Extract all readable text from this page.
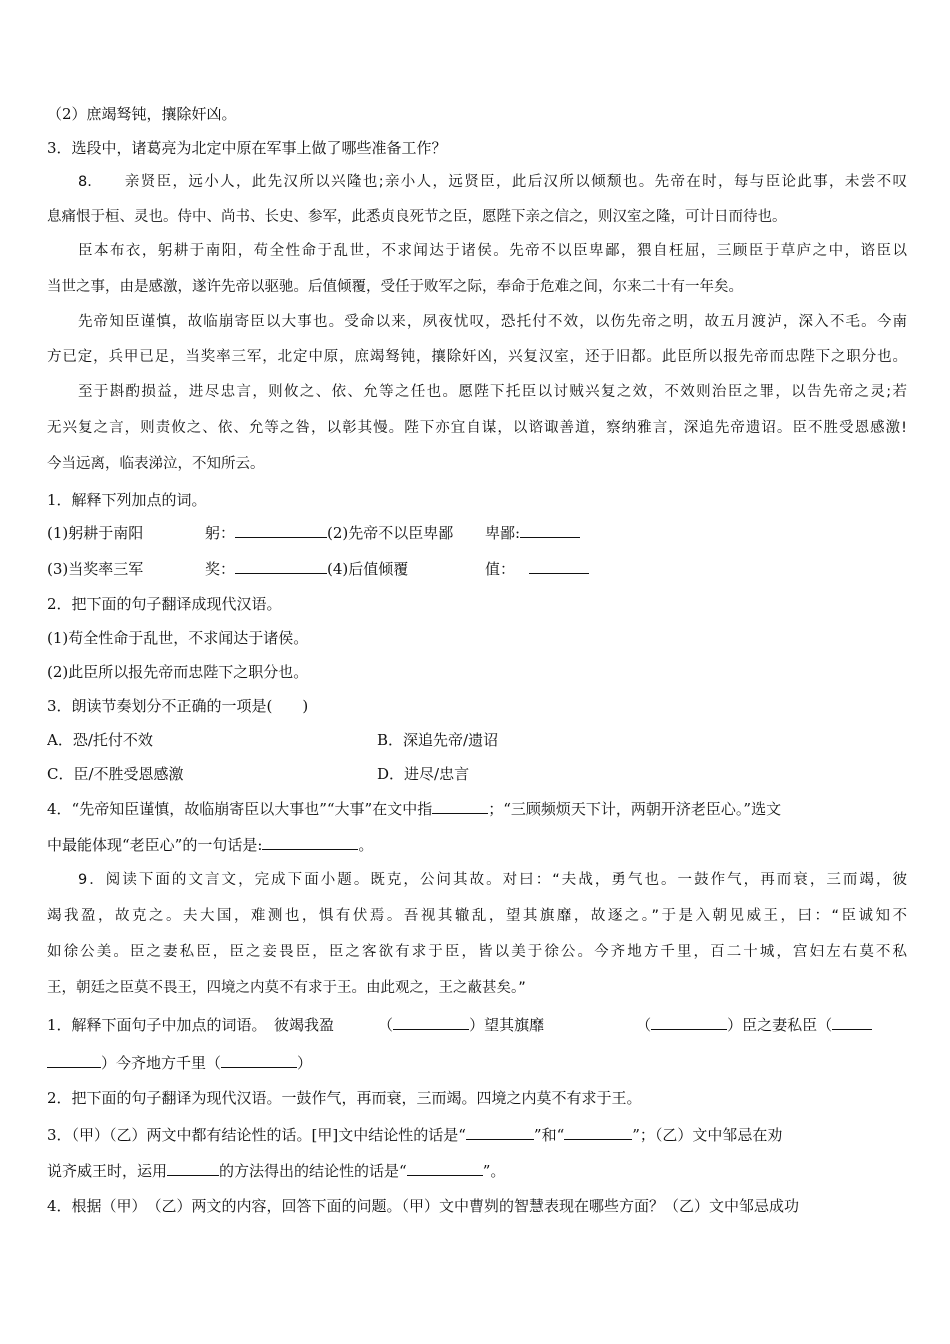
（2）庶竭驽钝，攘除奸凶。
3．选段中，诸葛亮为北定中原在军事上做了哪些准备工作？
8.　　亲贤臣，远小人，此先汉所以兴隆也;亲小人，远贤臣，此后汉所以倾颓也。先帝在时，每与臣论此事，未尝不叹
息痛恨于桓、灵也。侍中、尚书、长史、参军，此悉贞良死节之臣，愿陛下亲之信之，则汉室之隆，可计日而待也。
臣本布衣，躬耕于南阳，苟全性命于乱世，不求闻达于诸侯。先帝不以臣卑鄙，猥自枉屈，三顾臣于草庐之中，谘臣以
当世之事，由是感激，遂许先帝以驱驰。后值倾覆，受任于败军之际，奉命于危难之间，尔来二十有一年矣。
先帝知臣谨慎，故临崩寄臣以大事也。受命以来，夙夜忧叹，恐托付不效，以伤先帝之明，故五月渡泸，深入不毛。今南
方已定，兵甲已足，当奖率三军，北定中原，庶竭驽钝，攘除奸凶，兴复汉室，还于旧都。此臣所以报先帝而忠陛下之职分也。
至于斟酌损益，进尽忠言，则攸之、依、允等之任也。愿陛下托臣以讨贼兴复之效，不效则治臣之罪，以告先帝之灵;若
无兴复之言，则责攸之、依、允等之咎，以彰其慢。陛下亦宜自谋，以谘诹善道，察纳雅言，深追先帝遗诏。臣不胜受恩感激!
今当远离，临表涕泣，不知所云。
1．解释下列加点的词。
(1)躬耕于南阳	躬：	(2)先帝不以臣卑鄙 卑鄙:
(3)当奖率三军	奖：	(4)后值倾覆	值：
2．把下面的句子翻译成现代汉语。
(1)苟全性命于乱世，不求闻达于诸侯。
(2)此臣所以报先帝而忠陛下之职分也。
3．朗读节奏划分不正确的一项是(　　)
A．恐/托付不效	B．深追先帝/遗诏
C．臣/不胜受恩感激	D．进尽/忠言
4．“先帝知臣谨慎，故临崩寄臣以大事也”“大事”在文中指	；“三顾频烦天下计，两朝开济老臣心。”选文
中最能体现“老臣心”的一句话是:	。
9．阅读下面的文言文，完成下面小题。既克，公问其故。对曰：“夫战，勇气也。一鼓作气，再而衰，三而竭，彼
竭我盈，故克之。夫大国，难测也，惧有伏焉。吾视其辙乱，望其旗靡，故逐之。”于是入朝见威王，曰：“臣诚知不
如徐公美。臣之妻私臣，臣之妾畏臣，臣之客欲有求于臣，皆以美于徐公。今齐地方千里，百二十城，宫妇左右莫不私
王，朝廷之臣莫不畏王，四境之内莫不有求于王。由此观之，王之蔽甚矣。”
1．解释下面句子中加点的词语。　彼竭我盈	（	）望其旗靡	（	）臣之妻私臣（
）今齐地方千里（	）
2．把下面的句子翻译为现代汉语。一鼓作气，再而衰，三而竭。四境之内莫不有求于王。
3．（甲）（乙）两文中都有结论性的话。[甲]文中结论性的话是“	”和“	”；（乙）文中邹忌在劝
说齐威王时，运用	的方法得出的结论性的话是“	”。
4．根据（甲）　（乙）两文的内容，回答下面的问题。（甲）文中曹刿的智慧表现在哪些方面？（乙）文中邹忌成功
